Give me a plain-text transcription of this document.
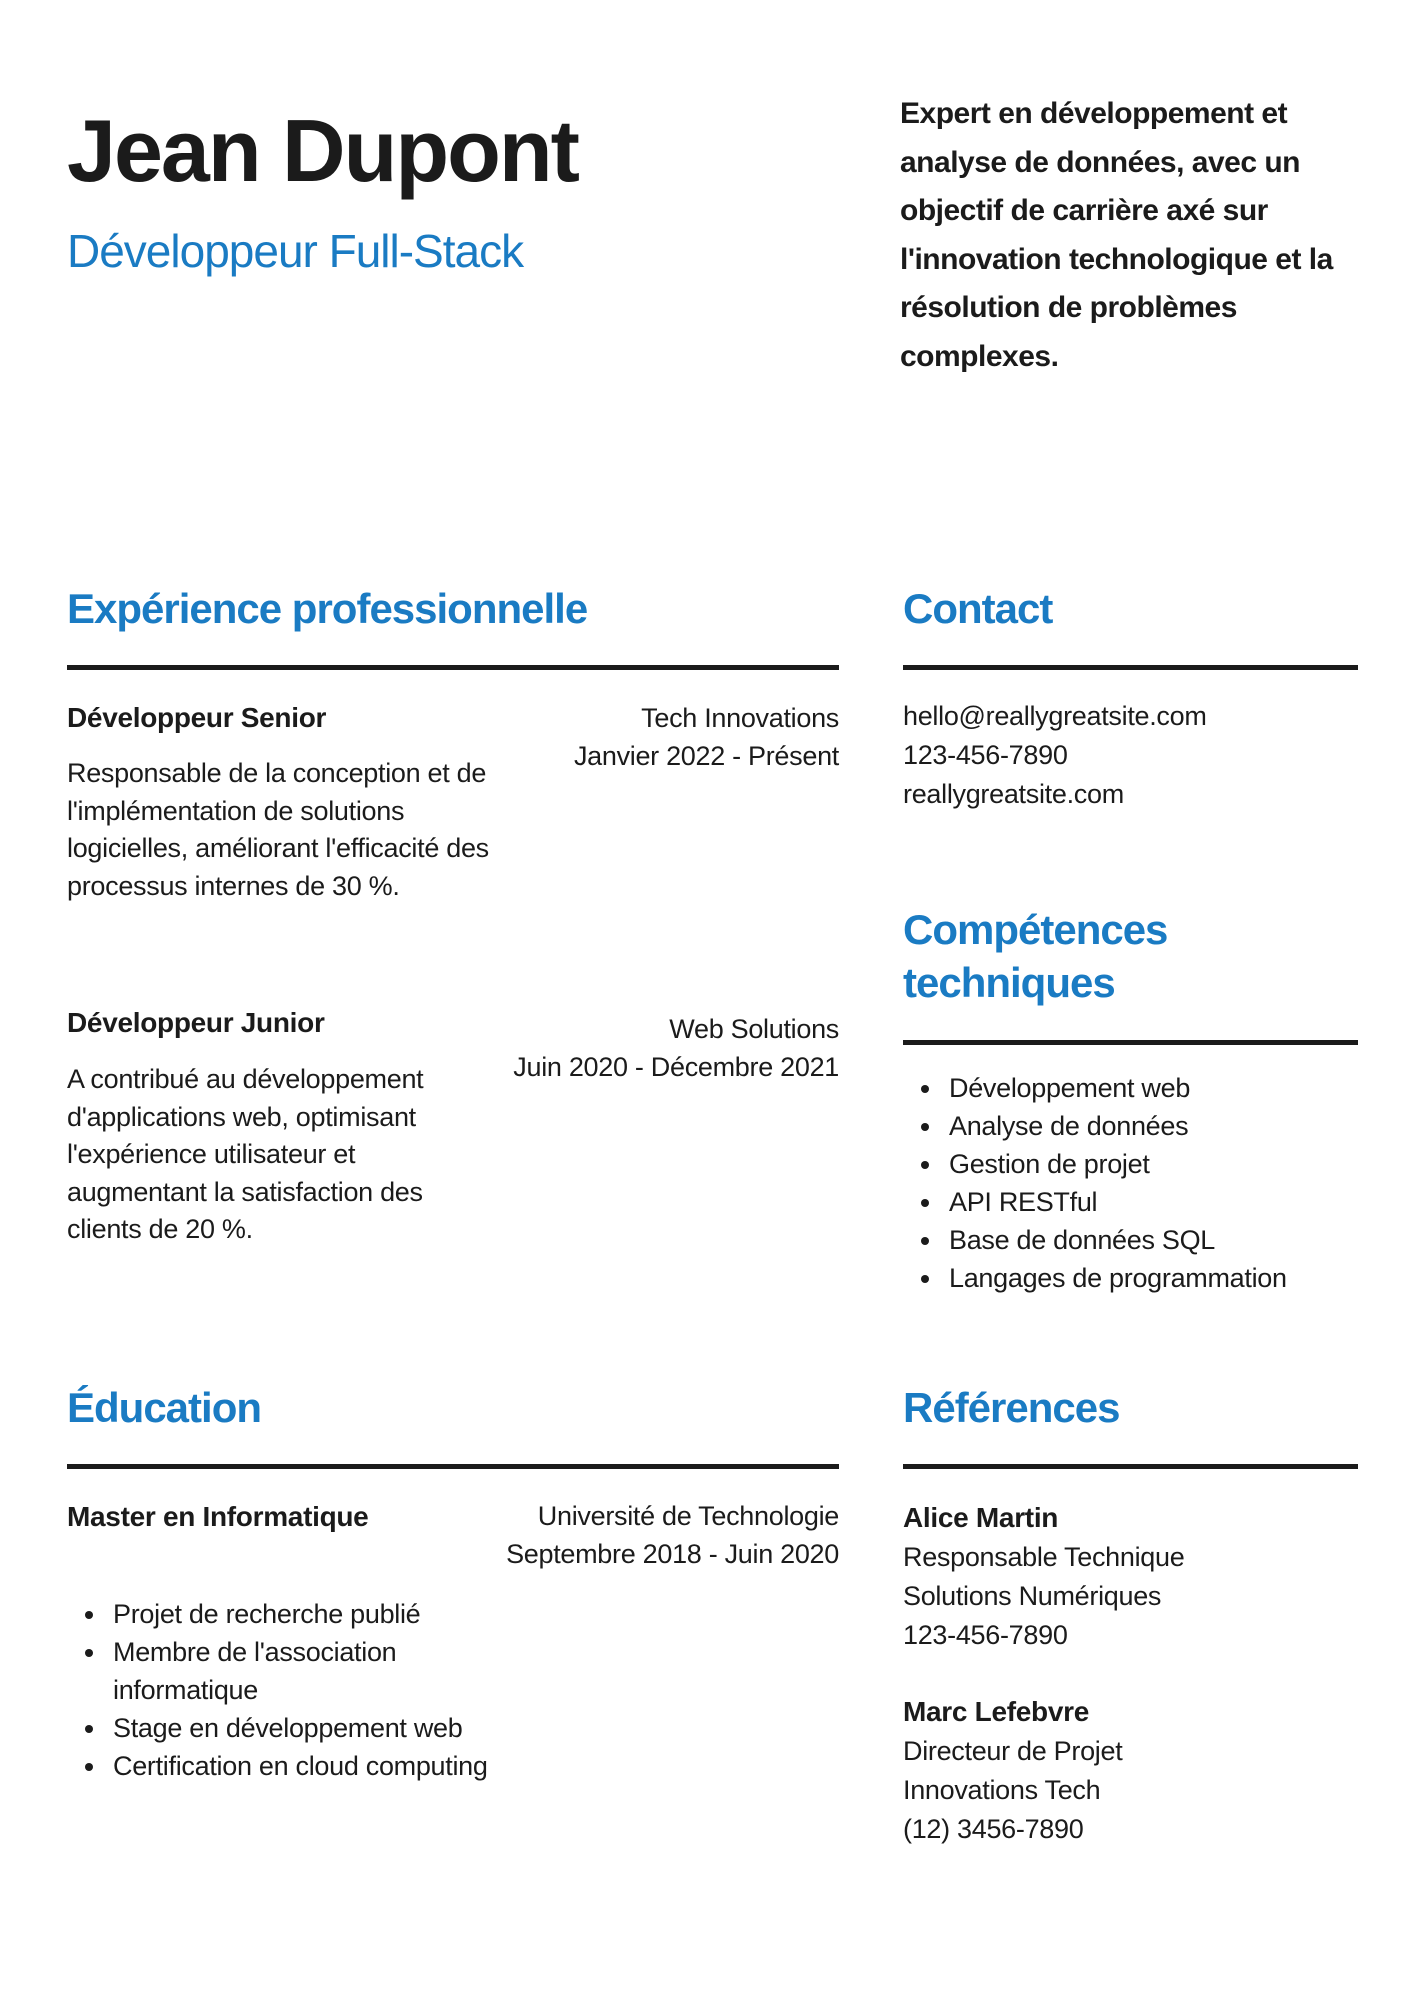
Jean Dupont
Développeur Full-Stack
Expert en développement et analyse de données, avec un objectif de carrière axé sur l'innovation technologique et la résolution de problèmes complexes.
Expérience professionnelle
Développeur Senior	Tech Innovations
Janvier 2022 - Présent
Responsable de la conception et de l'implémentation de solutions logicielles, améliorant l'efficacité des processus internes de 30 %.
Développeur Junior	Web Solutions
Juin 2020 - Décembre 2021
A contribué au développement d'applications web, optimisant l'expérience utilisateur et augmentant la satisfaction des clients de 20 %.
Contact
hello@reallygreatsite.com
123-456-7890
reallygreatsite.com
Compétences techniques
Développement web
Analyse de données
Gestion de projet
API RESTful
Base de données SQL
Langages de programmation
Éducation
Master en Informatique	Université de Technologie
Septembre 2018 - Juin 2020
Projet de recherche publié
Membre de l'association informatique
Stage en développement web
Certification en cloud computing
Références
Alice Martin
Responsable Technique
Solutions Numériques
123-456-7890
Marc Lefebvre
Directeur de Projet
Innovations Tech
(12) 3456-7890
